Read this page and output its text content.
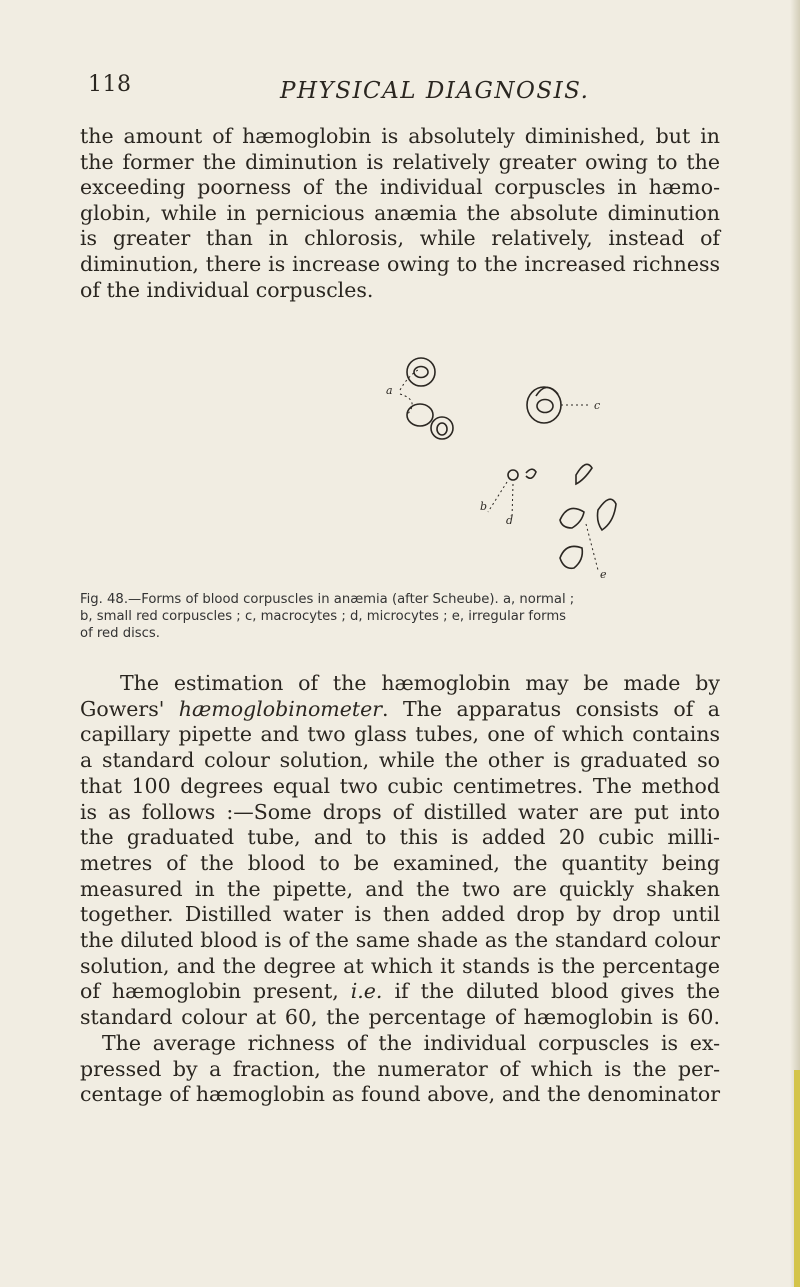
118	PHYSICAL DIAGNOSIS.

the amount of hæmoglobin is absolutely diminished, but in
the former the diminution is relatively greater owing to the
exceeding poorness of the individual corpuscles in hæmo-
globin, while in pernicious anæmia the absolute diminution
is greater than in chlorosis, while relatively, instead of
diminution, there is increase owing to the increased richness
of the individual corpuscles.

a
b
c
d
e
Fig. 48.—Forms of blood corpuscles in anæmia (after Scheube). a, normal ;
b, small red corpuscles ; c, macrocytes ; d, microcytes ; e, irregular forms
of red discs.

The estimation of the hæmoglobin may be made by
Gowers' hæmoglobinometer. The apparatus consists of a
capillary pipette and two glass tubes, one of which contains
a standard colour solution, while the other is graduated so
that 100 degrees equal two cubic centimetres. The method
is as follows :—Some drops of distilled water are put into
the graduated tube, and to this is added 20 cubic milli-
metres of the blood to be examined, the quantity being
measured in the pipette, and the two are quickly shaken
together. Distilled water is then added drop by drop until
the diluted blood is of the same shade as the standard colour
solution, and the degree at which it stands is the percentage
of hæmoglobin present, i.e. if the diluted blood gives the
standard colour at 60, the percentage of hæmoglobin is 60.
The average richness of the individual corpuscles is ex-
pressed by a fraction, the numerator of which is the per-
centage of hæmoglobin as found above, and the denominator
